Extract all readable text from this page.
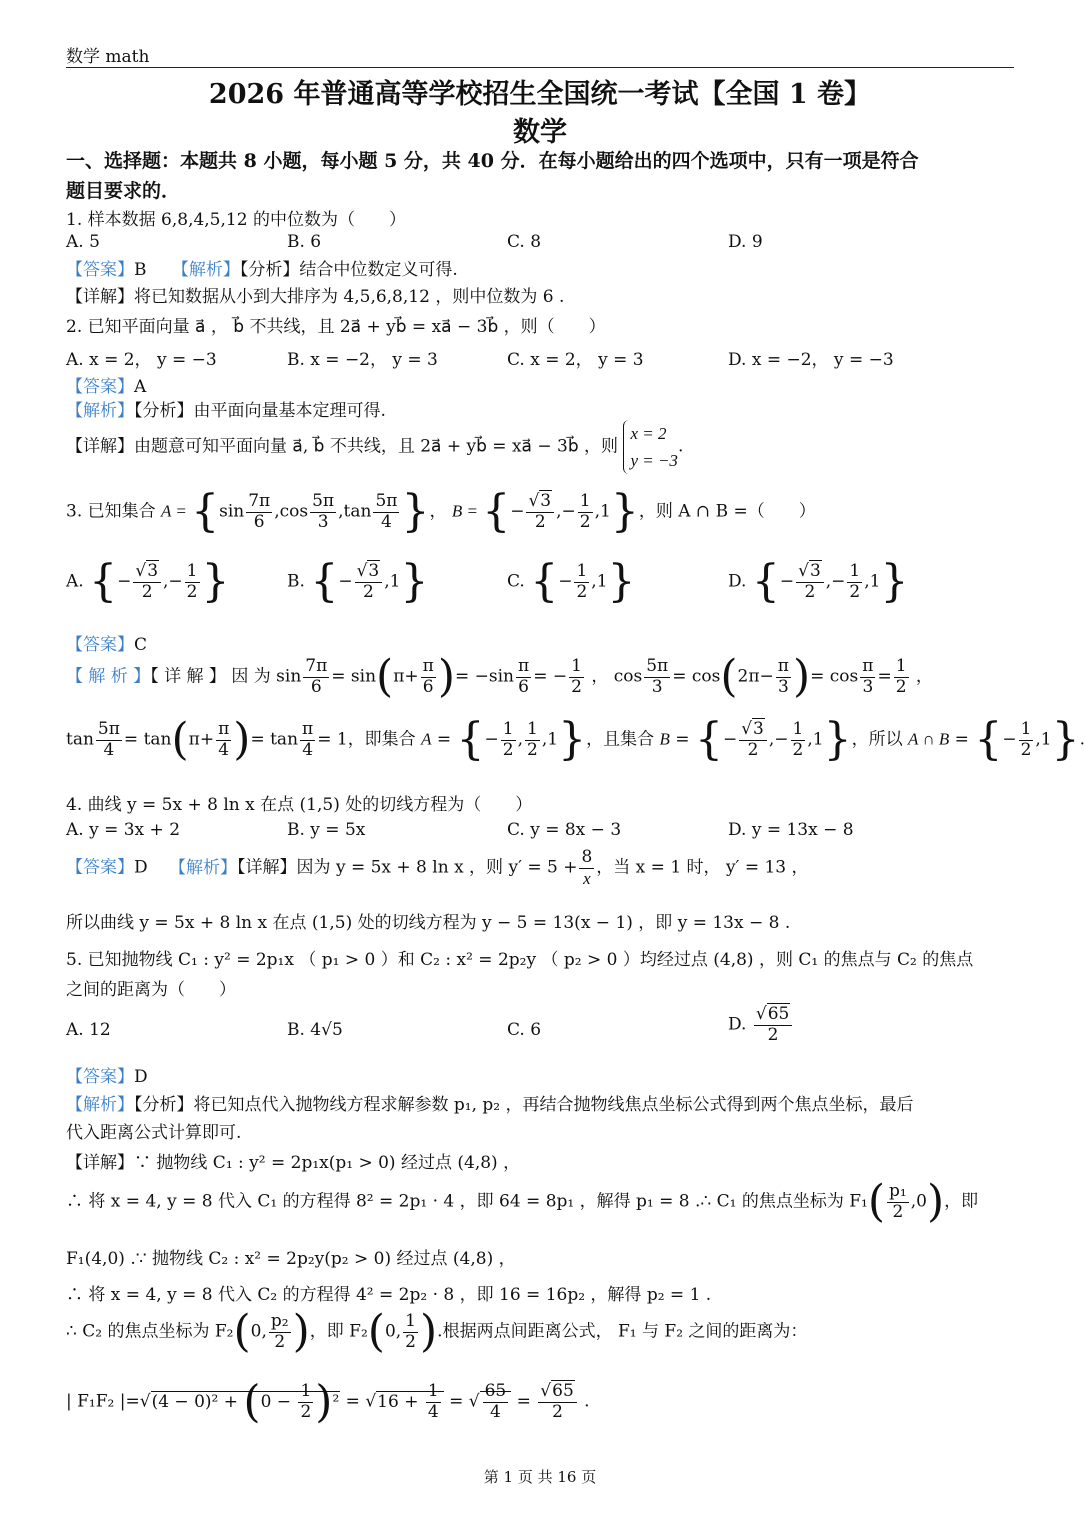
数学 math
2026 年普通高等学校招生全国统一考试【全国 1 卷】
数学
一、选择题：本题共 8 小题，每小题 5 分，共 40 分．在每小题给出的四个选项中，只有一项是符合
题目要求的．
1. 样本数据 6,8,4,5,12 的中位数为（　　）
A. 5	B. 6	C. 8	D. 9
【答案】B 【解析】【分析】结合中位数定义可得.
【详解】将已知数据从小到大排序为 4,5,6,8,12 ，则中位数为 6 .
2. 已知平面向量 a⃗ ， b⃗ 不共线，且 2a⃗ + yb⃗ = xa⃗ − 3b⃗ ，则（　　）
A. x = 2， y = −3	B. x = −2， y = 3	C. x = 2， y = 3	D. x = −2， y = −3
【答案】A
【解析】【分析】由平面向量基本定理可得.
【详解】由题意可知平面向量 a⃗, b⃗ 不共线，且 2a⃗ + yb⃗ = xa⃗ − 3b⃗ ，则 x = 2
y = −3.
3. 已知集合 $A = \{\sin \frac{7\pi}{6} ,\cos \frac{5\pi}{3} ,\tan \frac{5\pi}{4}$ }， B = {− $\frac{√3}{2}$ ,− $\frac{1}{2} ,1$}，则 A ∩ B =（　　）
A. {− $\frac{√3}{2}$ ,− $\frac{1}{2}$ }	B. {− $\frac{√3}{2} ,1$}	C. {− $\frac{1}{2} ,1$}	D. {− $\frac{√3}{2}$ ,− $\frac{1}{2} ,1$}
【答案】C
【 解 析 】【 详 解 】 因 为 $\sin \frac{7\pi}{6} = \sin(\pi+ \frac{\pi}{6}$ )= $-\sin \frac{\pi}{6}$ = − $\frac{1}{2}$ ， $\cos \frac{5\pi}{3} = \cos(2\pi- \frac{\pi}{3}$ )= $\cos \frac{\pi}{3} = \frac{1}{2}$ ，
$\tan \frac{5\pi}{4} = \tan(\pi+ \frac{\pi}{4}$ )= $\tan \frac{\pi}{4} = 1$，即集合 A = {− $\frac{1}{2}$ , $\frac{1}{2} ,1$}，且集合 B = {− $\frac{√3}{2}$ ,− $\frac{1}{2} ,1$}，所以 A ∩ B = {− $\frac{1}{2} ,1$}.
4. 曲线 y = 5x + 8 ln x 在点 (1,5) 处的切线方程为（　　）
A. y = 3x + 2	B. y = 5x	C. y = 8x − 3	D. y = 13x − 8
【答案】D 【解析】【详解】因为 y = 5x + 8 ln x ，则 $y' = 5 + \frac{8}{x}$ ，当 x = 1 时， y′ = 13 ，
所以曲线 y = 5x + 8 ln x 在点 (1,5) 处的切线方程为 y − 5 = 13(x − 1) ，即 y = 13x − 8 .
5. 已知抛物线 C₁ : y² = 2p₁x （ p₁ > 0 ）和 C₂ : x² = 2p₂y （ p₂ > 0 ）均经过点 (4,8) ，则 C₁ 的焦点与 C₂ 的焦点
之间的距离为（　　）
A. 12	B. 4√5	C. 6	D. $\frac{√65}{2}$
【答案】D
【解析】【分析】将已知点代入抛物线方程求解参数 p₁, p₂ ，再结合抛物线焦点坐标公式得到两个焦点坐标，最后
代入距离公式计算即可.
【详解】∵ 抛物线 C₁ : y² = 2p₁x(p₁ > 0) 经过点 (4,8) ，
∴ 将 x = 4, y = 8 代入 C₁ 的方程得 8² = 2p₁ · 4 ，即 64 = 8p₁ ，解得 p₁ = 8 .∴ C₁ 的焦点坐标为 $F_1( \frac{\text{p₁}}{2} ,0)$，即
F₁(4,0) .∵ 抛物线 C₂ : x² = 2p₂y(p₂ > 0) 经过点 (4,8) ，
∴ 将 x = 4, y = 8 代入 C₂ 的方程得 4² = 2p₂ · 8 ，即 16 = 16p₂ ，解得 p₂ = 1 .
∴ C₂ 的焦点坐标为 F₂(0, $\frac{\text{p₂}}{2}$ )，即 F₂(0, $\frac{1}{2}$ ).根据两点间距离公式， F₁ 与 F₂ 之间的距离为：
| F₁F₂ $|=√(4 - 0)^2 + (0 - \frac{1}{2} )^2 = √16 + \frac{1}{4}$ = √ $\frac{65}{4} = \frac{√65}{2}$ .
第 1 页 共 16 页
